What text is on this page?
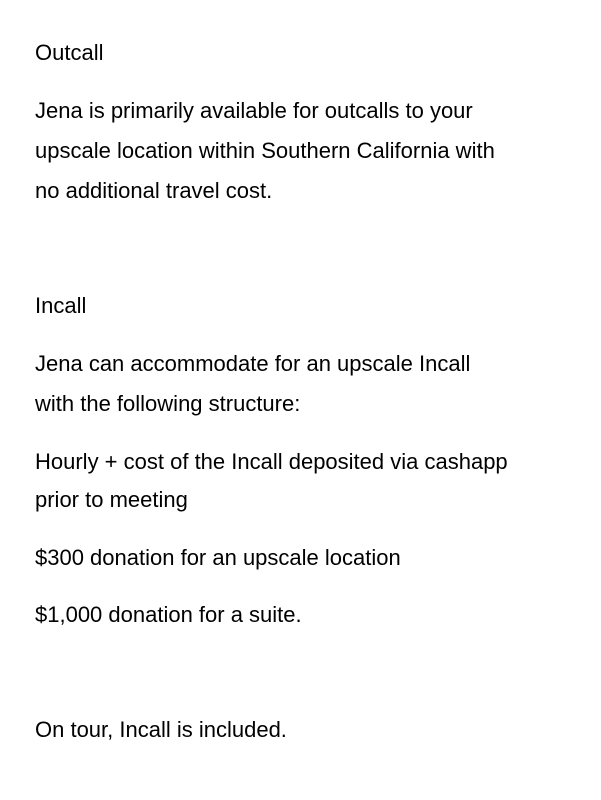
Outcall
Jena is primarily available for outcalls to your
upscale location within Southern California with
no additional travel cost.
Incall
Jena can accommodate for an upscale Incall
with the following structure:
Hourly + cost of the Incall deposited via cashapp
prior to meeting
$300 donation for an upscale location
$1,000 donation for a suite.
On tour, Incall is included.
